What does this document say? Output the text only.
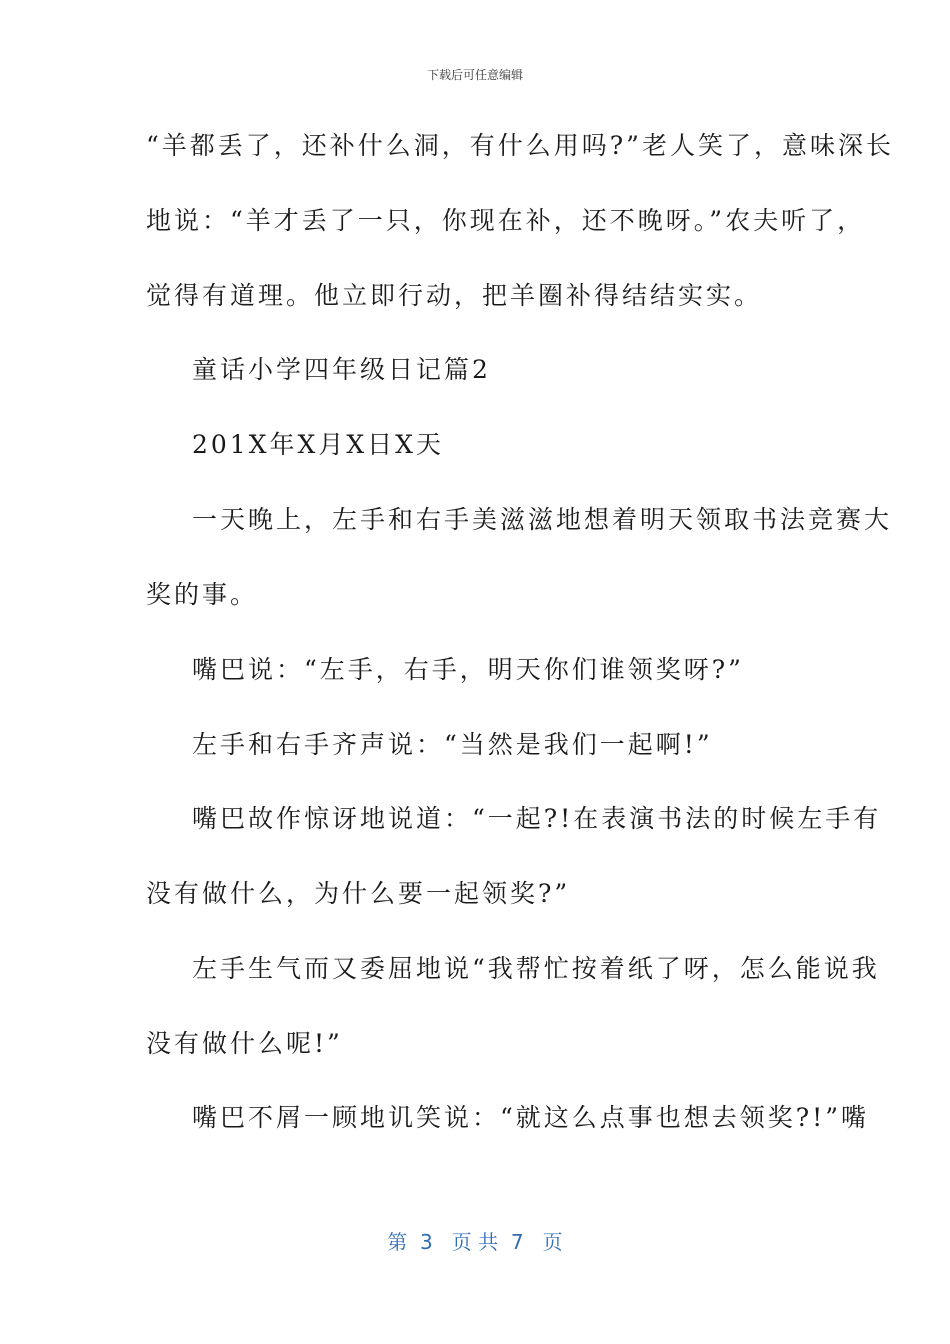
下载后可任意编辑
“羊都丢了，还补什么洞，有什么用吗?”老人笑了，意味深长
地说：“羊才丢了一只，你现在补，还不晚呀。”农夫听了，
觉得有道理。他立即行动，把羊圈补得结结实实。
童话小学四年级日记篇2
201X年X月X日X天
一天晚上，左手和右手美滋滋地想着明天领取书法竞赛大
奖的事。
嘴巴说：“左手，右手，明天你们谁领奖呀?”
左手和右手齐声说：“当然是我们一起啊!”
嘴巴故作惊讶地说道：“一起?!在表演书法的时候左手有
没有做什么，为什么要一起领奖?”
左手生气而又委屈地说“我帮忙按着纸了呀，怎么能说我
没有做什么呢!”
嘴巴不屑一顾地讥笑说：“就这么点事也想去领奖?!”嘴
第  3   页 共  7   页
